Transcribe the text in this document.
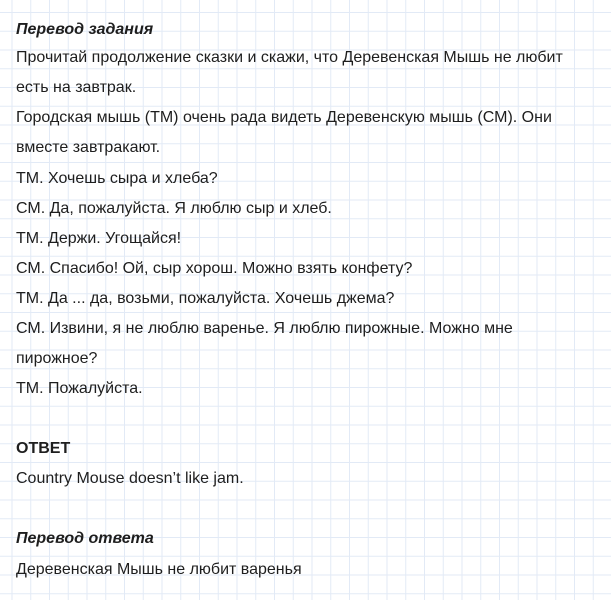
Перевод задания
Прочитай продолжение сказки и скажи, что Деревенская Мышь не любит
есть на завтрак.
Городская мышь (ТМ) очень рада видеть Деревенскую мышь (СМ). Они
вместе завтракают.
ТМ. Хочешь сыра и хлеба?
СМ. Да, пожалуйста. Я люблю сыр и хлеб.
ТМ. Держи. Угощайся!
СМ. Спасибо! Ой, сыр хорош. Можно взять конфету?
ТМ. Да ... да, возьми, пожалуйста. Хочешь джема?
СМ. Извини, я не люблю варенье. Я люблю пирожные. Можно мне
пирожное?
ТМ. Пожалуйста.
ОТВЕТ
Country Mouse doesn’t like jam.
Перевод ответа
Деревенская Мышь не любит варенья
